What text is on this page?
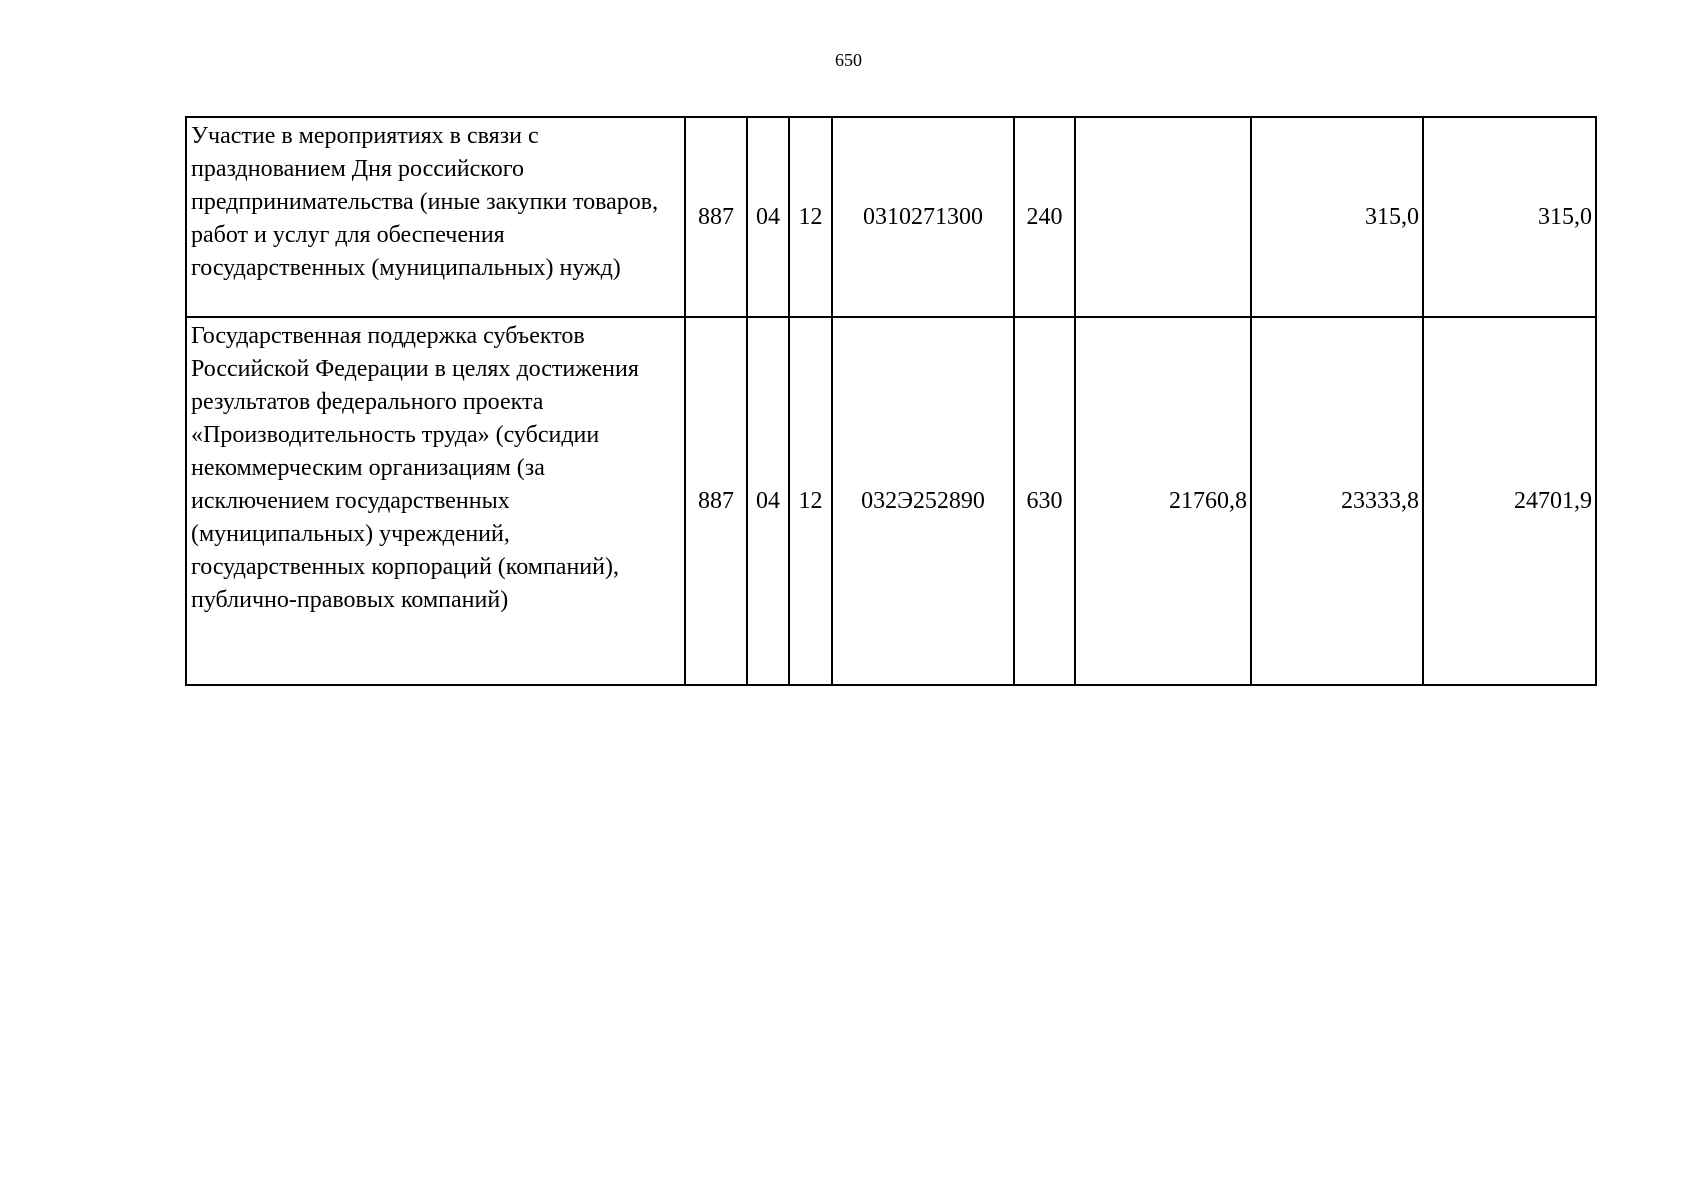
650
Участие в мероприятиях в связи с празднованием Дня российского предпринимательства (иные закупки товаров, работ и услуг для обеспечения государственных (муниципальных) нужд)	887	04	12	0310271300	240		315,0	315,0
Государственная поддержка субъектов Российской Федерации в целях достижения результатов федерального проекта «Производительность труда» (субсидии некоммерческим организациям (за исключением государственных (муниципальных) учреждений, государственных корпораций (компаний), публично-правовых компаний)	887	04	12	032Э252890	630	21760,8	23333,8	24701,9
